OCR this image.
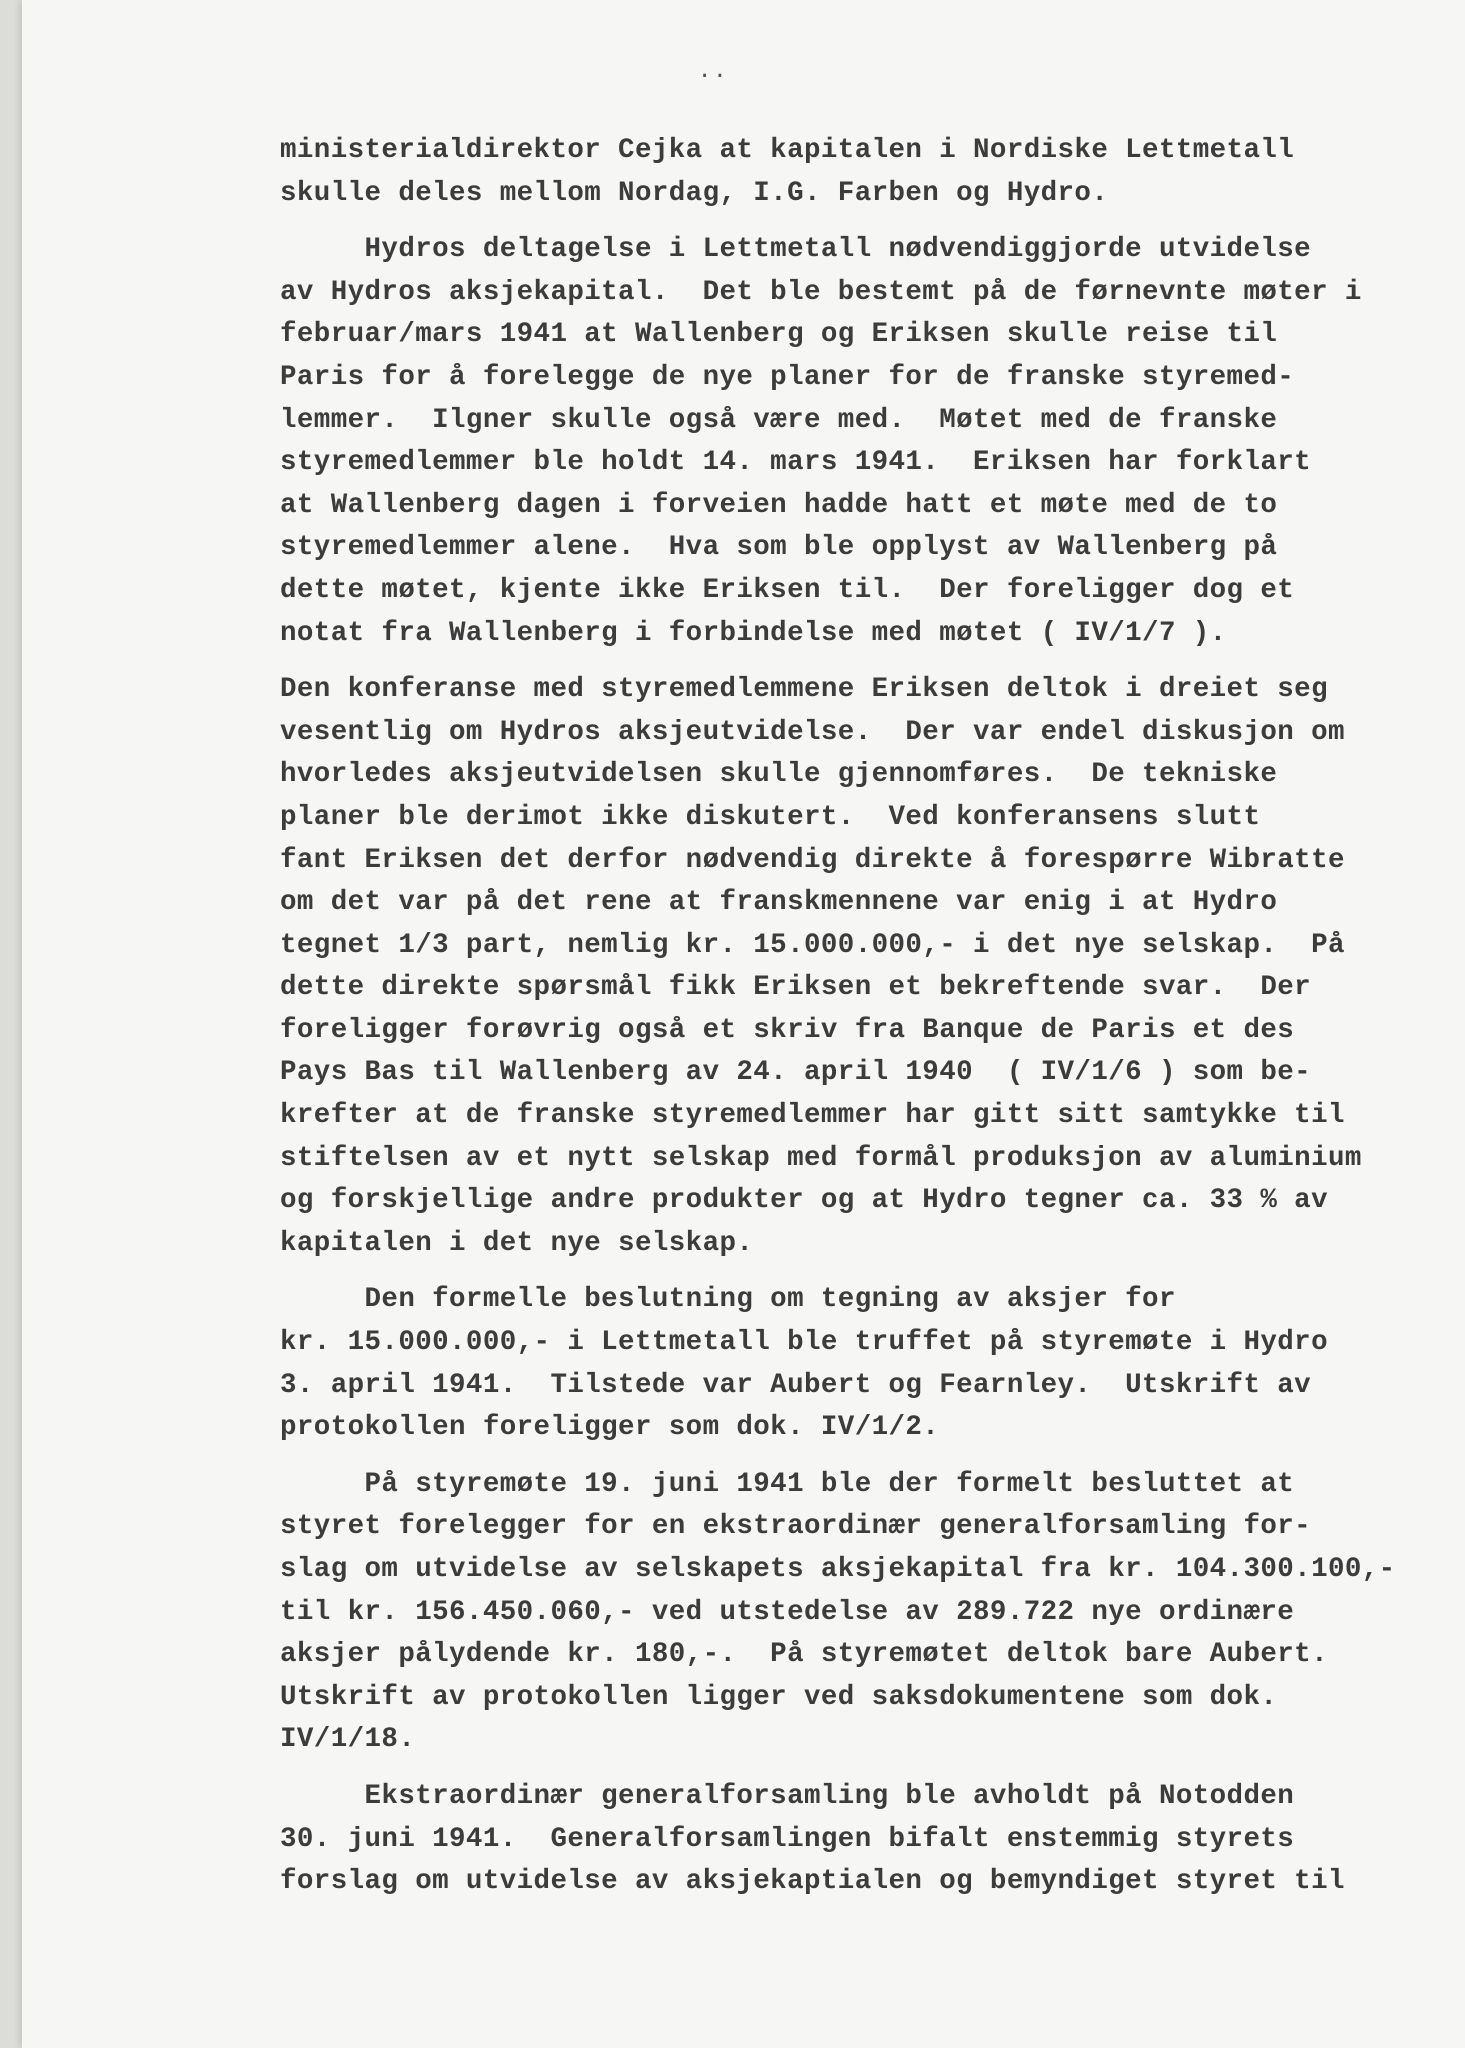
..
ministerialdirektor Cejka at kapitalen i Nordiske Lettmetall
skulle deles mellom Nordag, I.G. Farben og Hydro.
Hydros deltagelse i Lettmetall nødvendiggjorde utvidelse
av Hydros aksjekapital.  Det ble bestemt på de førnevnte møter i
februar/mars 1941 at Wallenberg og Eriksen skulle reise til
Paris for å forelegge de nye planer for de franske styremed-
lemmer.  Ilgner skulle også være med.  Møtet med de franske
styremedlemmer ble holdt 14. mars 1941.  Eriksen har forklart
at Wallenberg dagen i forveien hadde hatt et møte med de to
styremedlemmer alene.  Hva som ble opplyst av Wallenberg på
dette møtet, kjente ikke Eriksen til.  Der foreligger dog et
notat fra Wallenberg i forbindelse med møtet ( IV/1/7 ).
Den konferanse med styremedlemmene Eriksen deltok i dreiet seg
vesentlig om Hydros aksjeutvidelse.  Der var endel diskusjon om
hvorledes aksjeutvidelsen skulle gjennomføres.  De tekniske
planer ble derimot ikke diskutert.  Ved konferansens slutt
fant Eriksen det derfor nødvendig direkte å forespørre Wibratte
om det var på det rene at franskmennene var enig i at Hydro
tegnet 1/3 part, nemlig kr. 15.000.000,- i det nye selskap.  På
dette direkte spørsmål fikk Eriksen et bekreftende svar.  Der
foreligger forøvrig også et skriv fra Banque de Paris et des
Pays Bas til Wallenberg av 24. april 1940  ( IV/1/6 ) som be-
krefter at de franske styremedlemmer har gitt sitt samtykke til
stiftelsen av et nytt selskap med formål produksjon av aluminium
og forskjellige andre produkter og at Hydro tegner ca. 33 % av
kapitalen i det nye selskap.
Den formelle beslutning om tegning av aksjer for
kr. 15.000.000,- i Lettmetall ble truffet på styremøte i Hydro
3. april 1941.  Tilstede var Aubert og Fearnley.  Utskrift av
protokollen foreligger som dok. IV/1/2.
På styremøte 19. juni 1941 ble der formelt besluttet at
styret forelegger for en ekstraordinær generalforsamling for-
slag om utvidelse av selskapets aksjekapital fra kr. 104.300.100,-
til kr. 156.450.060,- ved utstedelse av 289.722 nye ordinære
aksjer pålydende kr. 180,-.  På styremøtet deltok bare Aubert.
Utskrift av protokollen ligger ved saksdokumentene som dok.
IV/1/18.
Ekstraordinær generalforsamling ble avholdt på Notodden
30. juni 1941.  Generalforsamlingen bifalt enstemmig styrets
forslag om utvidelse av aksjekaptialen og bemyndiget styret til
